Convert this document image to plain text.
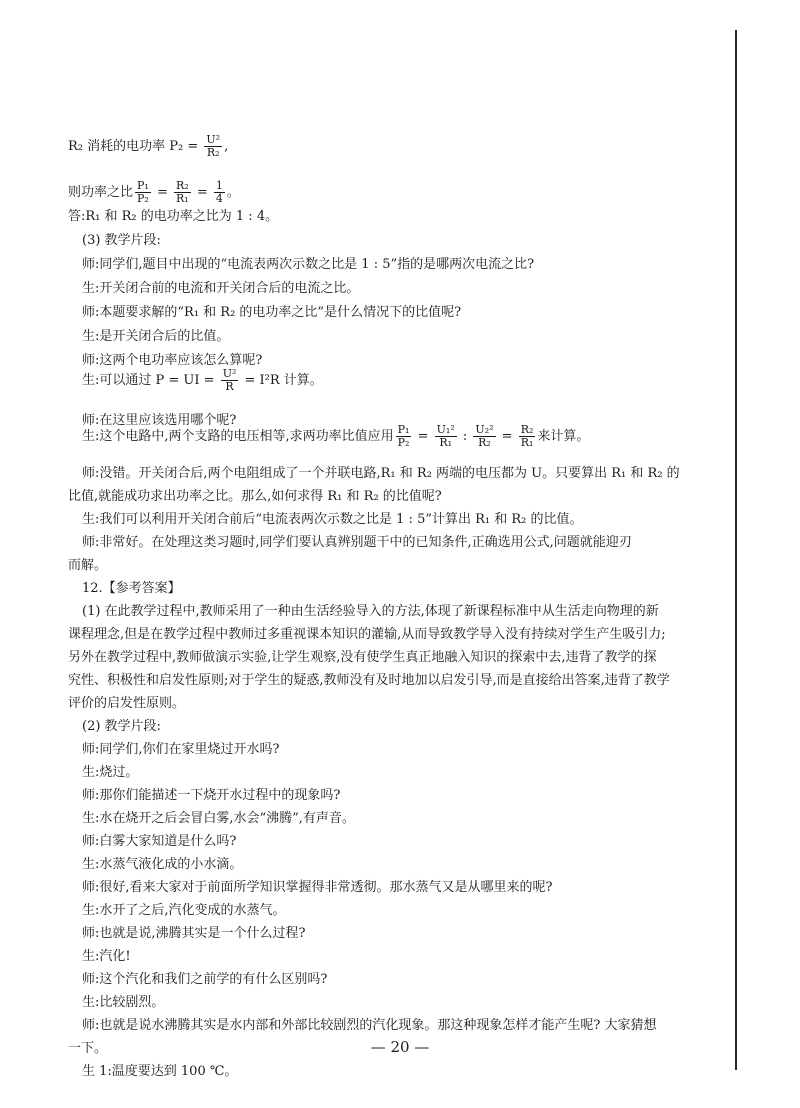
R₂ 消耗的电功率 $P_2 = \frac{\text{U²}}{\text{R₂}}$ ,
则功率之比 $\frac{\text{P₁}}{\text{P₂}} = \frac{\text{R₂}}{\text{R₁}} = \frac{1}{4}$ 。
答:R₁ 和 R₂ 的电功率之比为 1 : 4。
(3) 教学片段:
师:同学们,题目中出现的“电流表两次示数之比是 1 : 5”指的是哪两次电流之比?
生:开关闭合前的电流和开关闭合后的电流之比。
师:本题要求解的“R₁ 和 R₂ 的电功率之比”是什么情况下的比值呢?
生:是开关闭合后的比值。
师:这两个电功率应该怎么算呢?
生:可以通过 P = UI = $\frac{\text{U²}}{R} = I^2R$ 计算。
师:在这里应该选用哪个呢?
生:这个电路中,两个支路的电压相等,求两功率比值应用 $\frac{\text{P₁}}{\text{P₂}} = \frac{\text{U₁²}}{\text{R₁}}$ : $\frac{\text{U₂²}}{\text{R₂}} = \frac{\text{R₂}}{\text{R₁}}$ 来计算。
师:没错。开关闭合后,两个电阻组成了一个并联电路,R₁ 和 R₂ 两端的电压都为 U。只要算出 R₁ 和 R₂ 的
比值,就能成功求出功率之比。那么,如何求得 R₁ 和 R₂ 的比值呢?
生:我们可以利用开关闭合前后“电流表两次示数之比是 1 : 5”计算出 R₁ 和 R₂ 的比值。
师:非常好。在处理这类习题时,同学们要认真辨别题干中的已知条件,正确选用公式,问题就能迎刃
而解。
12.【参考答案】
(1) 在此教学过程中,教师采用了一种由生活经验导入的方法,体现了新课程标准中从生活走向物理的新
课程理念,但是在教学过程中教师过多重视课本知识的灌输,从而导致教学导入没有持续对学生产生吸引力;
另外在教学过程中,教师做演示实验,让学生观察,没有使学生真正地融入知识的探索中去,违背了教学的探
究性、积极性和启发性原则;对于学生的疑惑,教师没有及时地加以启发引导,而是直接给出答案,违背了教学
评价的启发性原则。
(2) 教学片段:
师:同学们,你们在家里烧过开水吗?
生:烧过。
师:那你们能描述一下烧开水过程中的现象吗?
生:水在烧开之后会冒白雾,水会“沸腾”,有声音。
师:白雾大家知道是什么吗?
生:水蒸气液化成的小水滴。
师:很好,看来大家对于前面所学知识掌握得非常透彻。那水蒸气又是从哪里来的呢?
生:水开了之后,汽化变成的水蒸气。
师:也就是说,沸腾其实是一个什么过程?
生:汽化!
师:这个汽化和我们之前学的有什么区别吗?
生:比较剧烈。
师:也就是说水沸腾其实是水内部和外部比较剧烈的汽化现象。那这种现象怎样才能产生呢? 大家猜想
一下。
生 1:温度要达到 100 ℃。
— 20 —
